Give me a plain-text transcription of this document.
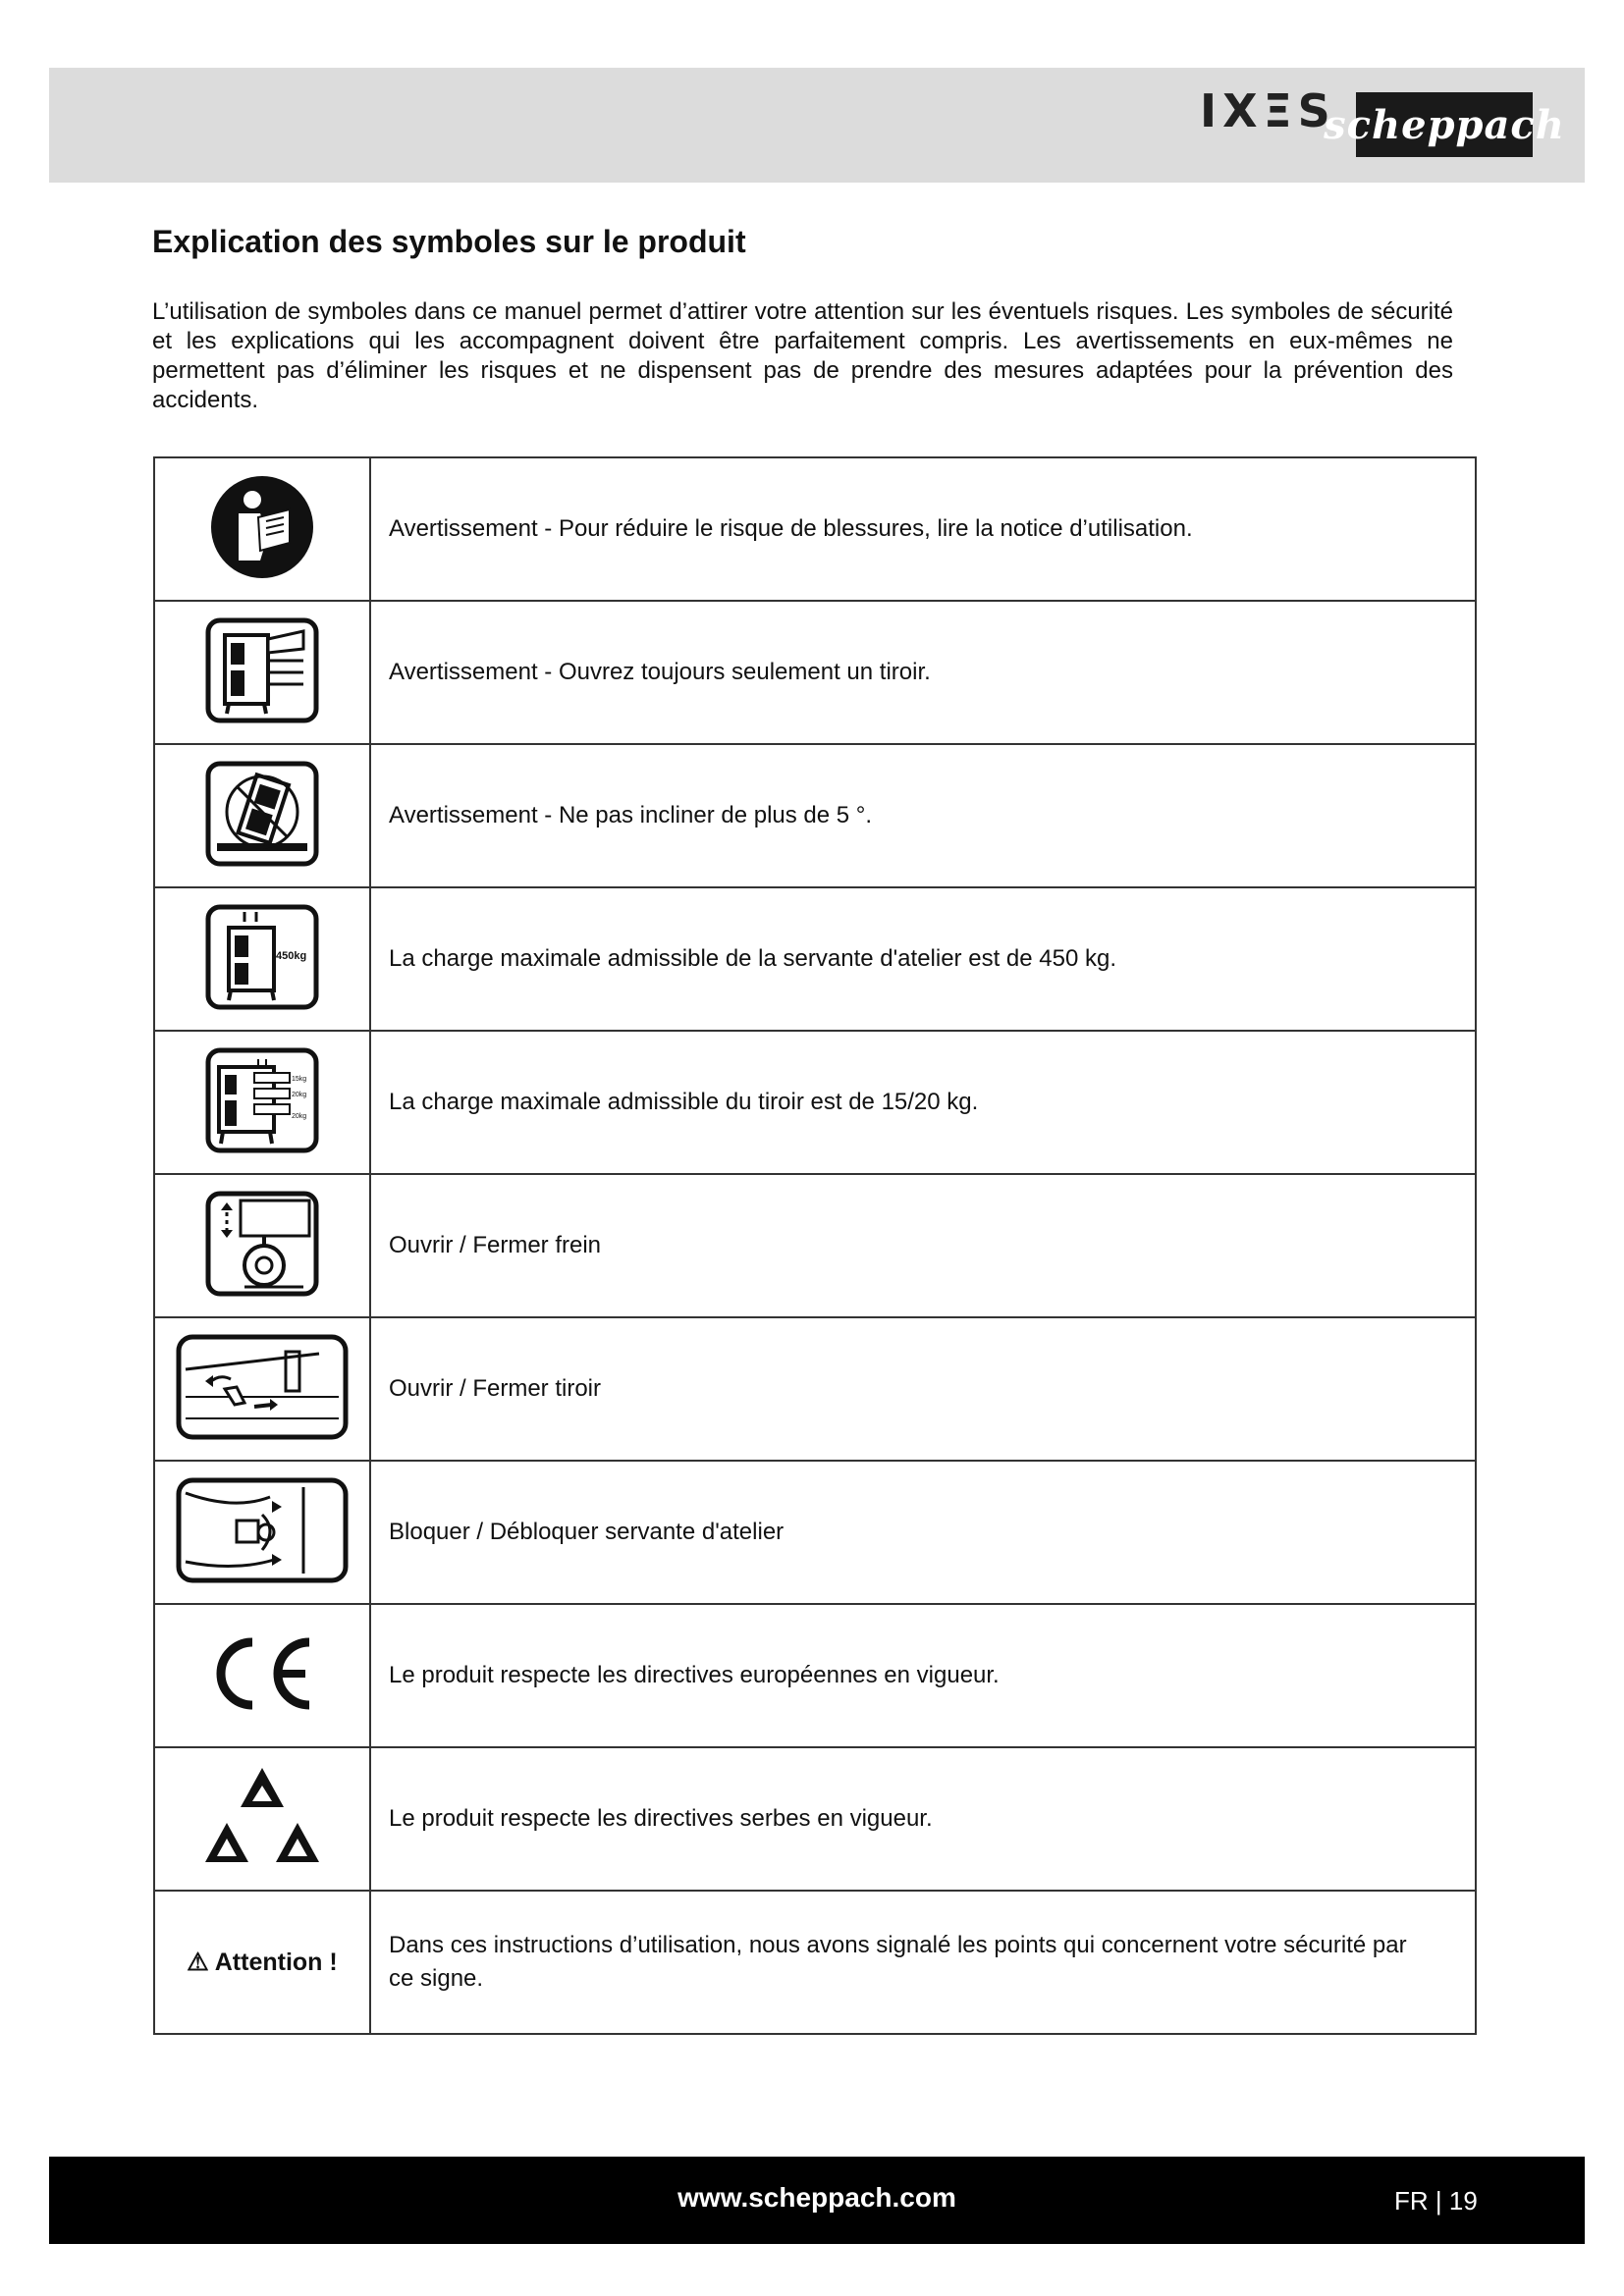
IXΞS
scheppach
Explication des symboles sur le produit

L’utilisation de symboles dans ce manuel permet d’attirer votre attention sur les éventuels risques. Les symboles de sécurité et les explications qui les accompagnent doivent être parfaitement compris. Les avertissements en eux-mêmes ne permettent pas d’éliminer les risques et ne dispensent pas de prendre des mesures adaptées pour la prévention des accidents.

	Avertissement - Pour réduire le risque de blessures, lire la notice d’utilisation.
	Avertissement - Ouvrez toujours seulement un tiroir.
	Avertissement - Ne pas incliner de plus de 5 °.

450kg	La charge maximale admissible de la servante d'atelier est de 450 kg.

15kg
20kg
20kg	La charge maximale admissible du tiroir est de 15/20 kg.
	Ouvrir / Fermer frein
	Ouvrir / Fermer tiroir
	Bloquer / Débloquer servante d'atelier
	Le produit respecte les directives européennes en vigueur.
	Le produit respecte les directives serbes en vigueur.
⚠ Attention !	Dans ces instructions d’utilisation, nous avons signalé les points qui concernent votre sécurité par ce signe.
www.scheppach.com	FR | 19
